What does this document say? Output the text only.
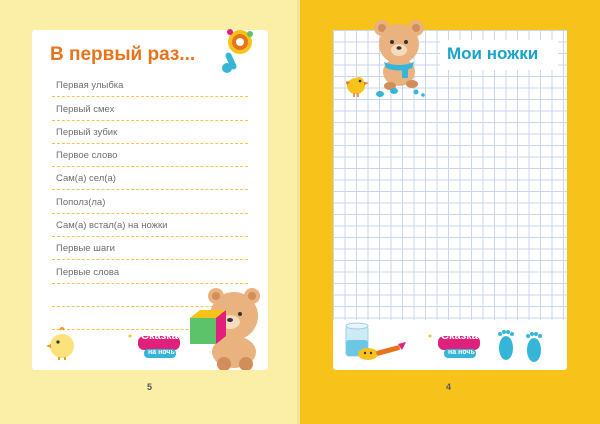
В первый раз...
Первая улыбка
Первый смех
Первый зубик
Первое слово
Сам(а) сел(а)
Пополз(ла)
Сам(а) встал(а) на ножки
Первые шаги
Первые слова
Сказка
на ночь
5
Мои ножки
Сказка
на ночь
4
